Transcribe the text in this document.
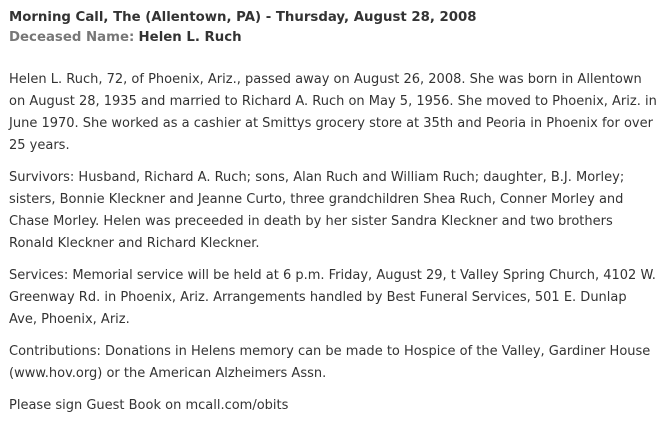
Morning Call, The (Allentown, PA) - Thursday, August 28, 2008
Deceased Name: Helen L. Ruch

Helen L. Ruch, 72, of Phoenix, Ariz., passed away on August 26, 2008. She was born in Allentown on August 28, 1935 and married to Richard A. Ruch on May 5, 1956. She moved to Phoenix, Ariz. in June 1970. She worked as a cashier at Smittys grocery store at 35th and Peoria in Phoenix for over 25 years.

Survivors: Husband, Richard A. Ruch; sons, Alan Ruch and William Ruch; daughter, B.J. Morley; sisters, Bonnie Kleckner and Jeanne Curto, three grandchildren Shea Ruch, Conner Morley and Chase Morley. Helen was preceeded in death by her sister Sandra Kleckner and two brothers Ronald Kleckner and Richard Kleckner.

Services: Memorial service will be held at 6 p.m. Friday, August 29, t Valley Spring Church, 4102 W. Greenway Rd. in Phoenix, Ariz. Arrangements handled by Best Funeral Services, 501 E. Dunlap Ave, Phoenix, Ariz.

Contributions: Donations in Helens memory can be made to Hospice of the Valley, Gardiner House (www.hov.org) or the American Alzheimers Assn.

Please sign Guest Book on mcall.com/obits
